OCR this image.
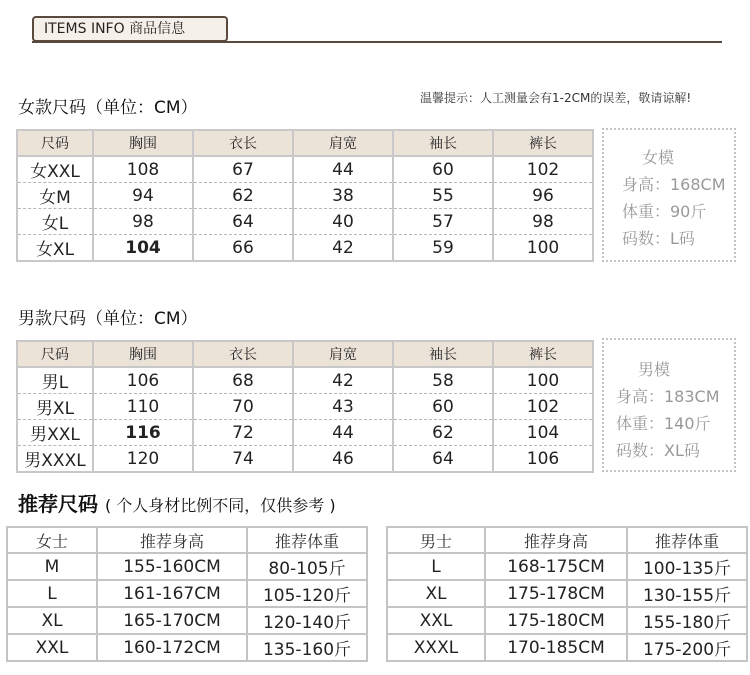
ITEMS INFO 商品信息
女款尺码（单位：CM）	温馨提示：人工测量会有1-2CM的误差，敬请谅解!
尺码	胸围	衣长	肩宽	袖长	裤长
女XXL	108	67	44	60	102
女M	94	62	38	55	96
女L	98	64	40	57	98
女XL	104	66	42	59	100
女模
身高：168CM
体重：90斤
码数：L码
男款尺码（单位：CM）
尺码	胸围	衣长	肩宽	袖长	裤长
男L	106	68	42	58	100
男XL	110	70	43	60	102
男XXL	116	72	44	62	104
男XXXL	120	74	46	64	106
男模
身高：183CM
体重：140斤
码数：XL码
推荐尺码 ( 个人身材比例不同，仅供参考 )
女士	推荐身高	推荐体重
M	155-160CM	80-105斤
L	161-167CM	105-120斤
XL	165-170CM	120-140斤
XXL	160-172CM	135-160斤
男士	推荐身高	推荐体重
L	168-175CM	100-135斤
XL	175-178CM	130-155斤
XXL	175-180CM	155-180斤
XXXL	170-185CM	175-200斤
